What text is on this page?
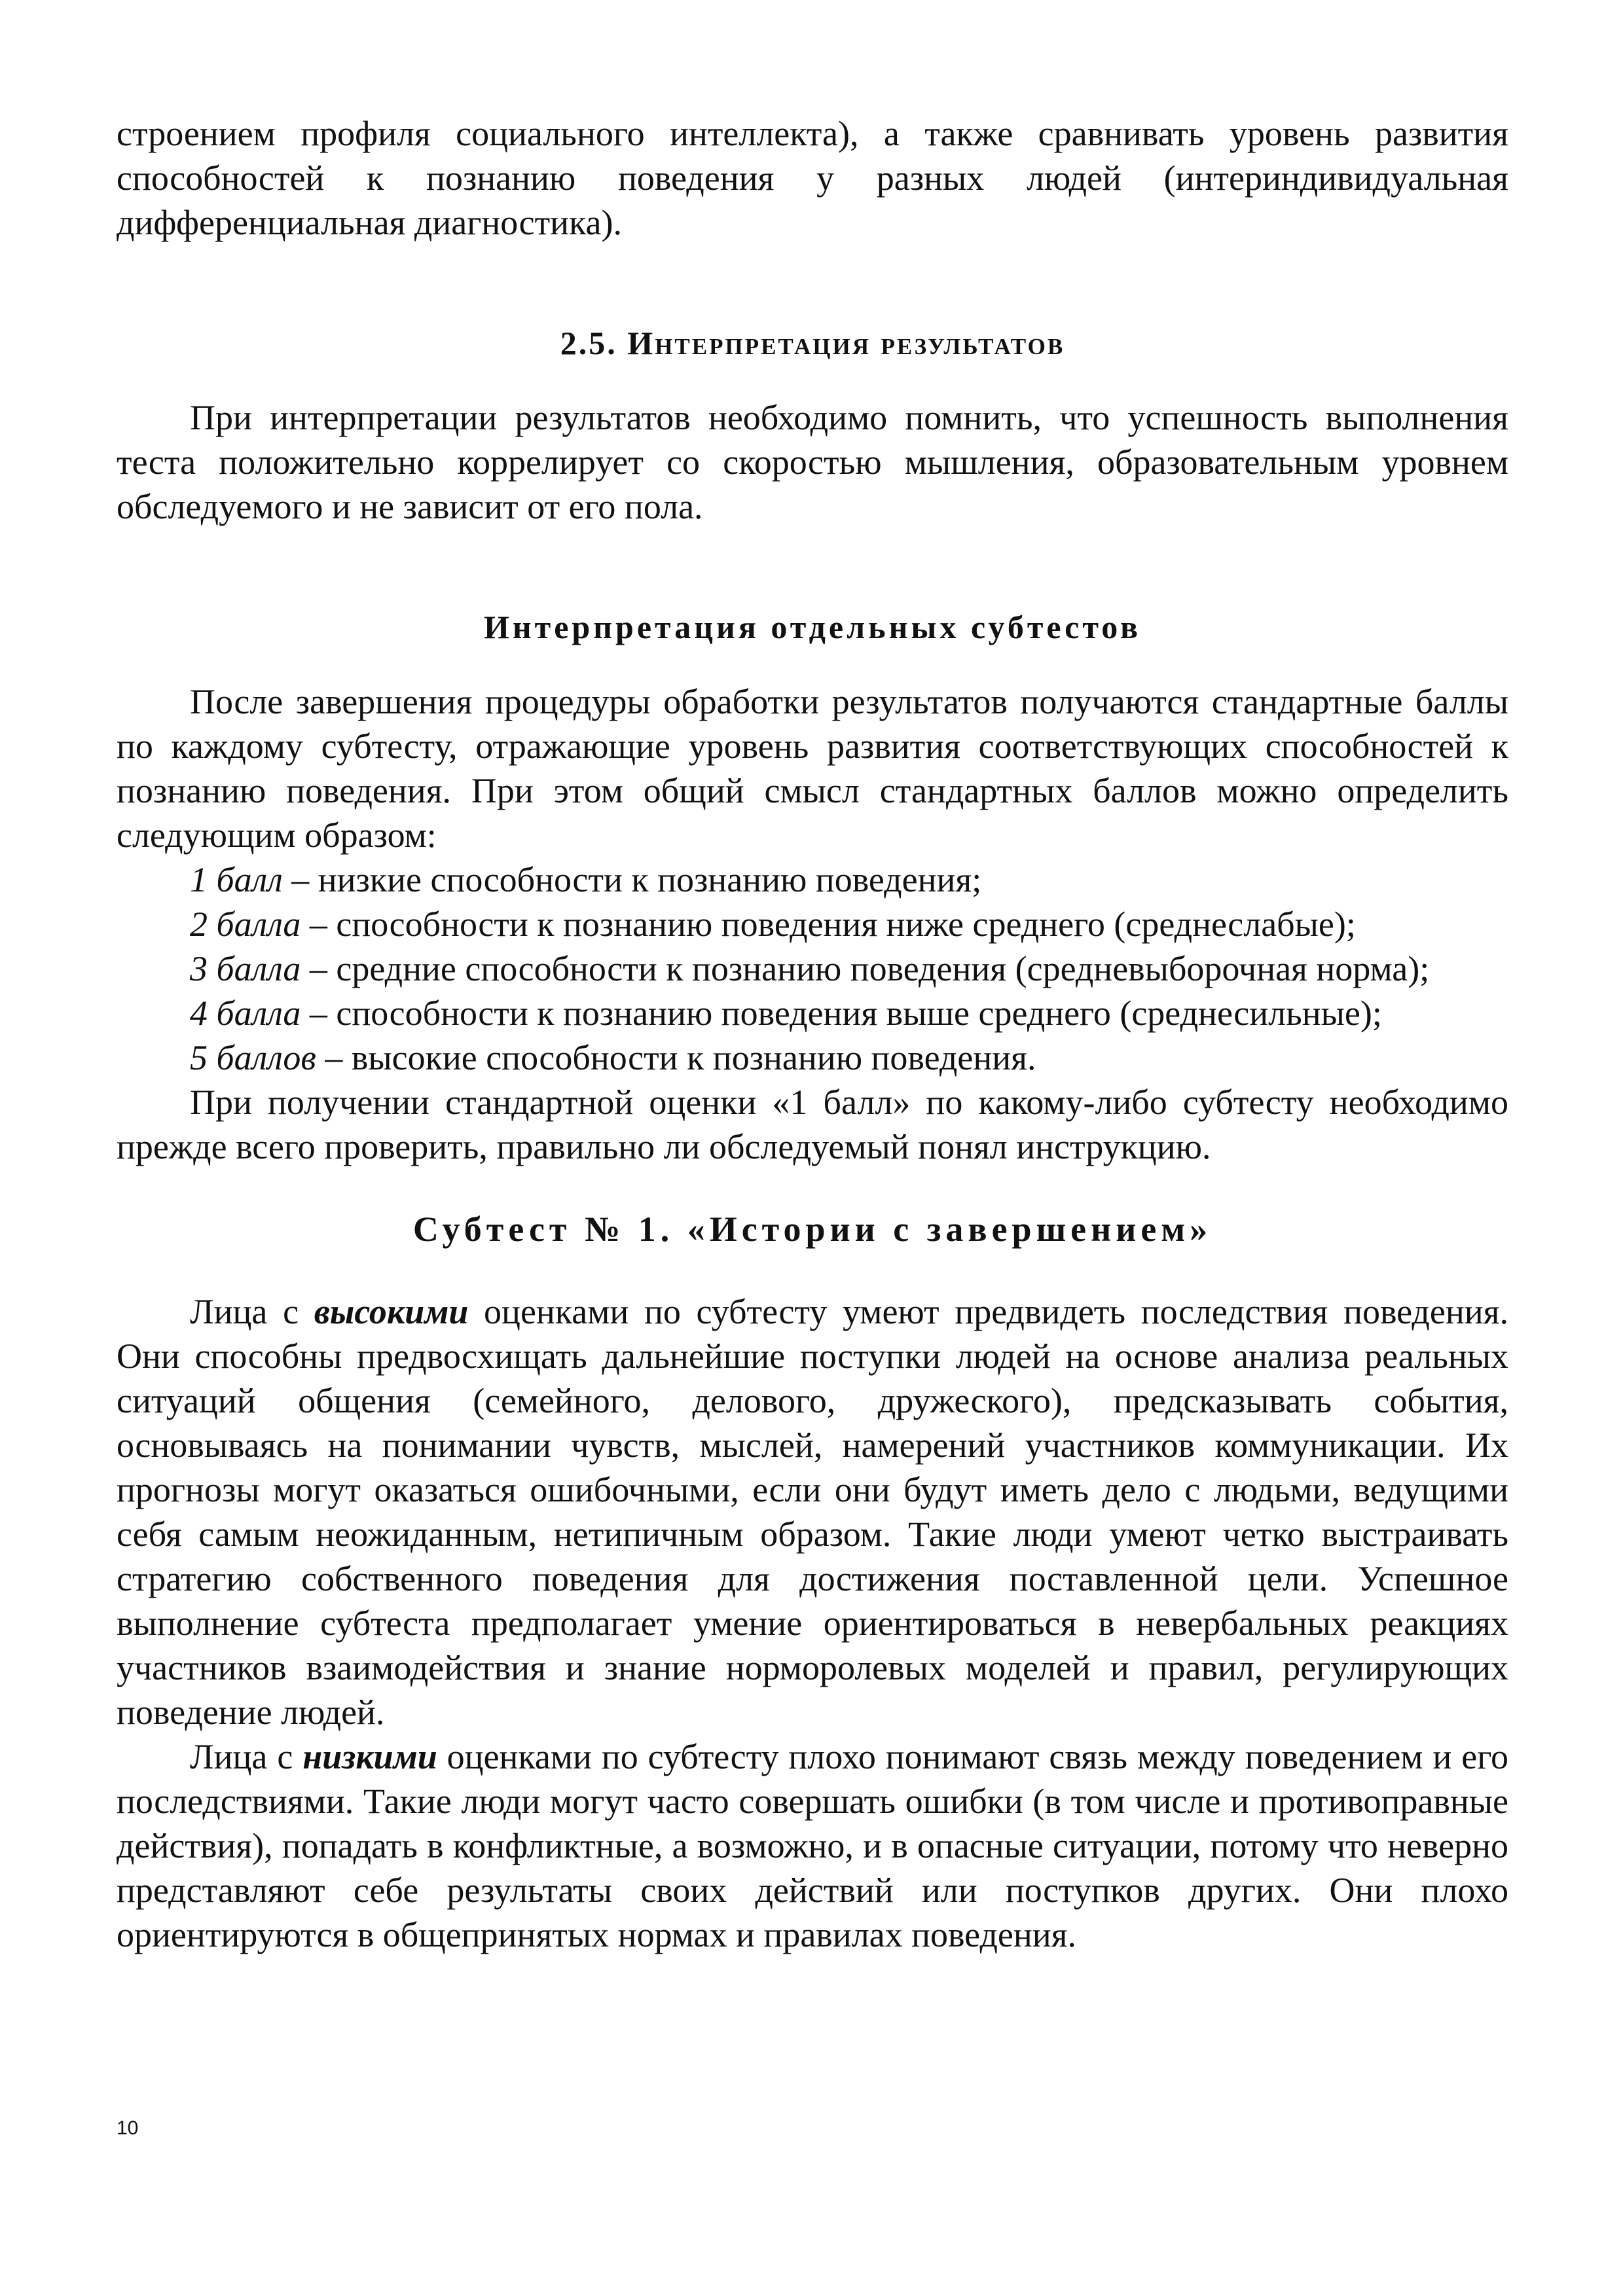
строением профиля социального интеллекта), а также сравнивать уровень развития способностей к познанию поведения у разных людей (интериндивидуальная дифференциальная диагностика).

2.5. Интерпретация результатов

При интерпретации результатов необходимо помнить, что успешность выполнения теста положительно коррелирует со скоростью мышления, образовательным уровнем обследуемого и не зависит от его пола.

Интерпретация отдельных субтестов

После завершения процедуры обработки результатов получаются стандартные баллы по каждому субтесту, отражающие уровень развития соответствующих способностей к познанию поведения. При этом общий смысл стандартных баллов можно определить следующим образом:

1 балл – низкие способности к познанию поведения;

2 балла – способности к познанию поведения ниже среднего (среднеслабые);

3 балла – средние способности к познанию поведения (средневыборочная норма);

4 балла – способности к познанию поведения выше среднего (среднесильные);

5 баллов – высокие способности к познанию поведения.

При получении стандартной оценки «1 балл» по какому-либо субтесту необходимо прежде всего проверить, правильно ли обследуемый понял инструкцию.

Субтест № 1. «Истории с завершением»

Лица с высокими оценками по субтесту умеют предвидеть последствия поведения. Они способны предвосхищать дальнейшие поступки людей на основе анализа реальных ситуаций общения (семейного, делового, дружеского), предсказывать события, основываясь на понимании чувств, мыслей, намерений участников коммуникации. Их прогнозы могут оказаться ошибочными, если они будут иметь дело с людьми, ведущими себя самым неожиданным, нетипичным образом. Такие люди умеют четко выстраивать стратегию собственного поведения для достижения поставленной цели. Успешное выполнение субтеста предполагает умение ориентироваться в невербальных реакциях участников взаимодействия и знание норморолевых моделей и правил, регулирующих поведение людей.

Лица с низкими оценками по субтесту плохо понимают связь между поведением и его последствиями. Такие люди могут часто совершать ошибки (в том числе и противоправные действия), попадать в конфликтные, а возможно, и в опасные ситуации, потому что неверно представляют себе результаты своих действий или поступков других. Они плохо ориентируются в общепринятых нормах и правилах поведения.

10
